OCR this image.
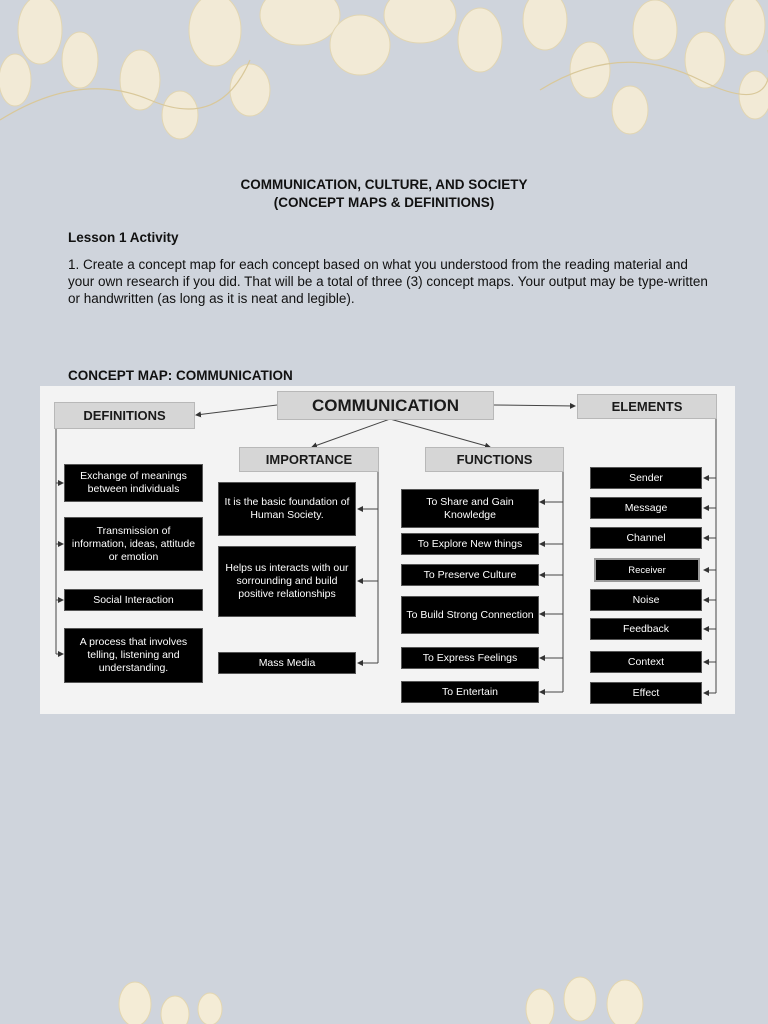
COMMUNICATION, CULTURE, AND SOCIETY
(CONCEPT MAPS & DEFINITIONS)
Lesson 1 Activity
1. Create a concept map for each concept based on what you understood from the reading material and your own research if you did. That will be a total of three (3) concept maps. Your output may be type-written or handwritten (as long as it is neat and legible).
CONCEPT MAP: COMMUNICATION
COMMUNICATION
DEFINITIONS
IMPORTANCE	FUNCTIONS
ELEMENTS
Exchange of meanings between individuals
Transmission of information, ideas, attitude or emotion
Social Interaction
A process that involves telling, listening and understanding.
It is the basic foundation of Human Society.
Helps us interacts with our sorrounding and build positive relationships
Mass Media
To Share and Gain Knowledge
To Explore New things
To Preserve Culture
To Build Strong Connection
To Express Feelings
To Entertain
Sender
Message
Channel
Receiver
Noise
Feedback
Context
Effect
